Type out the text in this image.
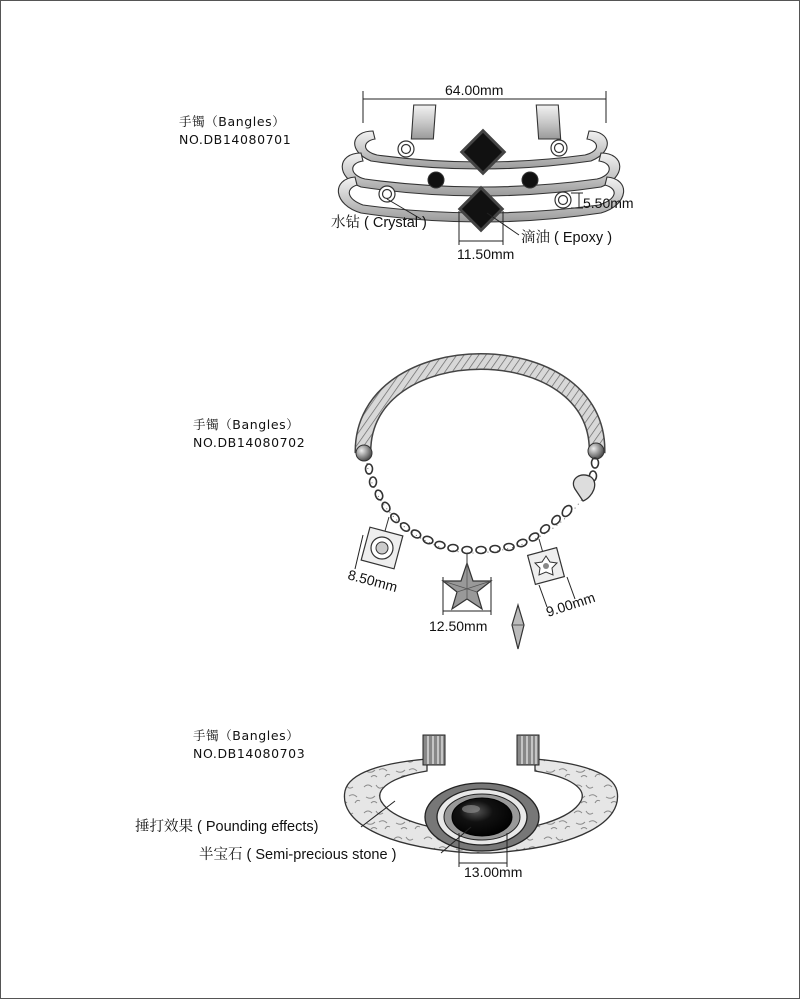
手镯（Bangles）
NO.DB14080701
64.00mm
5.50mm
11.50mm
水钻 ( Crystal )
滴油 ( Epoxy )
手镯（Bangles）
NO.DB14080702
8.50mm
12.50mm
9.00mm
手镯（Bangles）
NO.DB14080703
捶打效果 ( Pounding effects)
半宝石 ( Semi-precious stone )
13.00mm
